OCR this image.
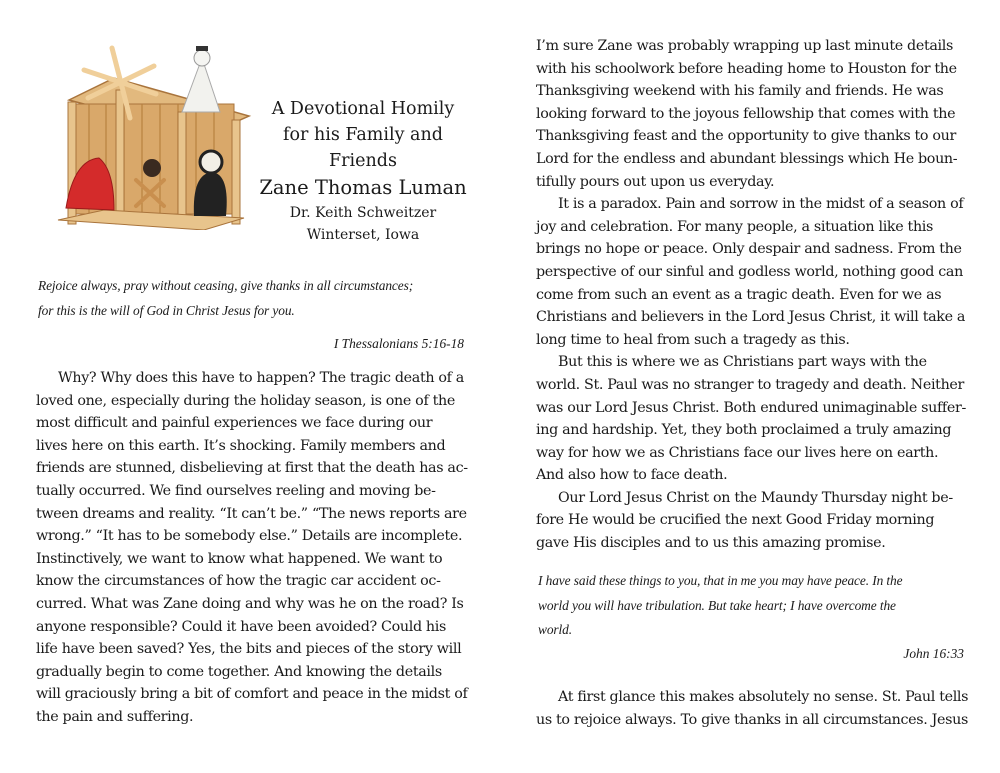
A Devotional Homily
for his Family and
Friends
Zane Thomas Luman
Dr. Keith Schweitzer
Winterset, Iowa
Rejoice always, pray without ceasing, give thanks in all circumstances;
for this is the will of God in Christ Jesus for you.
I Thessalonians 5:16-18
Why? Why does this have to happen? The tragic death of a
loved one, especially during the holiday season, is one of the
most difficult and painful experiences we face during our
lives here on this earth. It’s shocking. Family members and
friends are stunned, disbelieving at first that the death has ac-
tually occurred. We find ourselves reeling and moving be-
tween dreams and reality. “It can’t be.” “The news reports are
wrong.” “It has to be somebody else.” Details are incomplete.
Instinctively, we want to know what happened. We want to
know the circumstances of how the tragic car accident oc-
curred. What was Zane doing and why was he on the road? Is
anyone responsible? Could it have been avoided? Could his
life have been saved? Yes, the bits and pieces of the story will
gradually begin to come together. And knowing the details
will graciously bring a bit of comfort and peace in the midst of
the pain and suffering.
I’m sure Zane was probably wrapping up last minute details
with his schoolwork before heading home to Houston for the
Thanksgiving weekend with his family and friends. He was
looking forward to the joyous fellowship that comes with the
Thanksgiving feast and the opportunity to give thanks to our
Lord for the endless and abundant blessings which He boun-
tifully pours out upon us everyday.
It is a paradox. Pain and sorrow in the midst of a season of
joy and celebration. For many people, a situation like this
brings no hope or peace. Only despair and sadness. From the
perspective of our sinful and godless world, nothing good can
come from such an event as a tragic death. Even for we as
Christians and believers in the Lord Jesus Christ, it will take a
long time to heal from such a tragedy as this.
But this is where we as Christians part ways with the
world. St. Paul was no stranger to tragedy and death. Neither
was our Lord Jesus Christ. Both endured unimaginable suffer-
ing and hardship. Yet, they both proclaimed a truly amazing
way for how we as Christians face our lives here on earth.
And also how to face death.
Our Lord Jesus Christ on the Maundy Thursday night be-
fore He would be crucified the next Good Friday morning
gave His disciples and to us this amazing promise.
I have said these things to you, that in me you may have peace. In the
world you will have tribulation. But take heart; I have overcome the
world.
John 16:33
At first glance this makes absolutely no sense. St. Paul tells
us to rejoice always. To give thanks in all circumstances. Jesus
